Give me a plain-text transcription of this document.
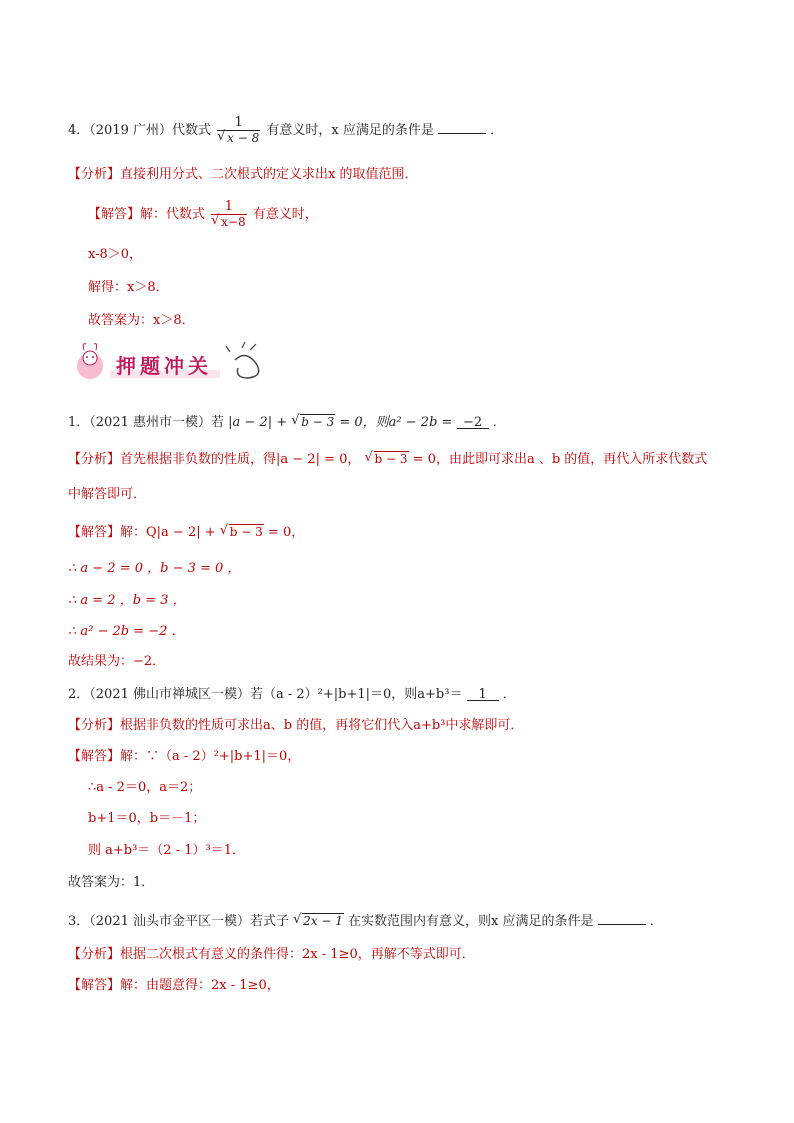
4．（2019 广州）代数式 1
√ x − 8 有意义时，x 应满足的条件是	．
【分析】直接利用分式、二次根式的定义求出x 的取值范围．
【解答】解：代数式 1
√ x−8 有意义时，
x-8＞0，
解得：x＞8．
故答案为：x＞8．
押题冲关
1．（2021 惠州市一模）若 |a − 2| + √ b − 3 = 0，则a² − 2b = −2 ．
【分析】首先根据非负数的性质，得|a − 2| = 0， √ b − 3 = 0，由此即可求出a 、b 的值，再代入所求代数式
中解答即可．
【解答】解：Q|a − 2| + √ b − 3 = 0，
∴ a − 2 = 0 ，b − 3 = 0 ，
∴ a = 2 ，b = 3 ，
∴ a² − 2b = −2 ．
故结果为：−2．
2．（2021 佛山市禅城区一模）若（a - 2）²+|b+1|＝0，则a+b³＝ 1 ．
【分析】根据非负数的性质可求出a、b 的值，再将它们代入a+b³中求解即可．
【解答】解：∵（a - 2）²+|b+1|＝0，
∴a - 2＝0，a＝2；
b+1＝0，b＝－1；
则 a+b³＝（2 - 1）³＝1．
故答案为：1．
3．（2021 汕头市金平区一模）若式子 √ 2x − 1 在实数范围内有意义，则x 应满足的条件是	．
【分析】根据二次根式有意义的条件得：2x - 1≥0，再解不等式即可．
【解答】解：由题意得：2x - 1≥0，
